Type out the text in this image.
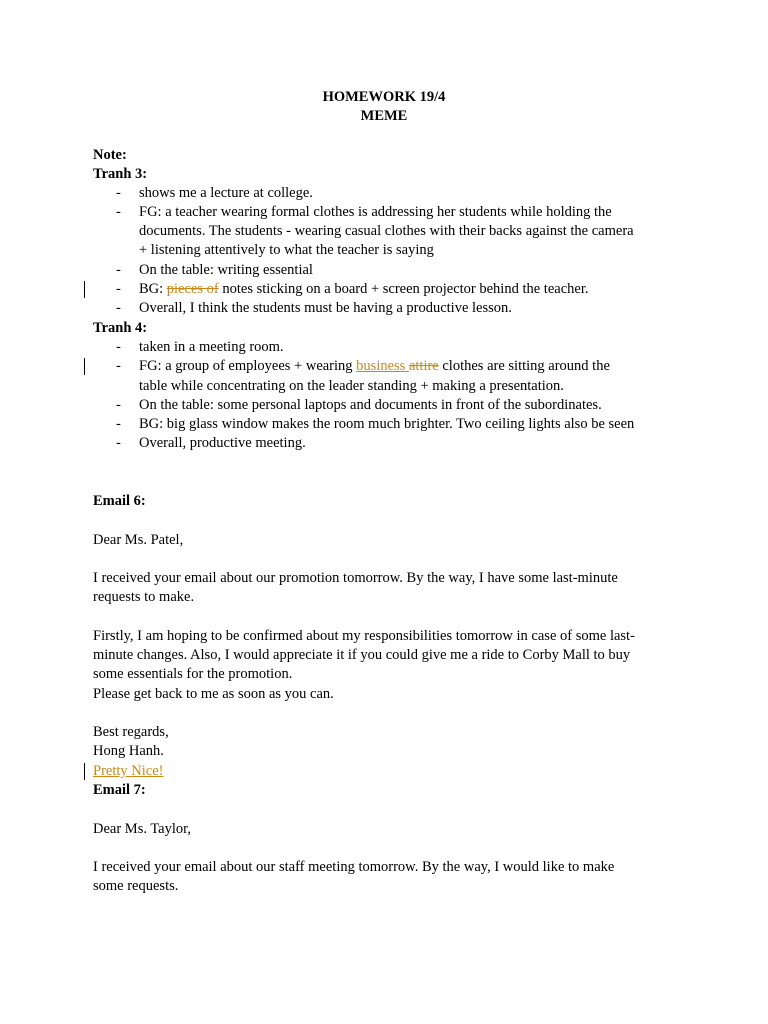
HOMEWORK 19/4
MEME
Note:
Tranh 3:
- shows me a lecture at college.
- FG: a teacher wearing formal clothes is addressing her students while holding the
documents. The students - wearing casual clothes with their backs against the camera
+ listening attentively to what the teacher is saying
- On the table: writing essential
- BG: pieces of notes sticking on a board + screen projector behind the teacher.
- Overall, I think the students must be having a productive lesson.
Tranh 4:
- taken in a meeting room.
- FG: a group of employees + wearing business attire clothes are sitting around the
table while concentrating on the leader standing + making a presentation.
- On the table: some personal laptops and documents in front of the subordinates.
- BG: big glass window makes the room much brighter. Two ceiling lights also be seen
- Overall, productive meeting.
Email 6:
Dear Ms. Patel,
I received your email about our promotion tomorrow. By the way, I have some last-minute
requests to make.
Firstly, I am hoping to be confirmed about my responsibilities tomorrow in case of some last-
minute changes. Also, I would appreciate it if you could give me a ride to Corby Mall to buy
some essentials for the promotion.
Please get back to me as soon as you can.
Best regards,
Hong Hanh.
Pretty Nice!
Email 7:
Dear Ms. Taylor,
I received your email about our staff meeting tomorrow. By the way, I would like to make
some requests.
